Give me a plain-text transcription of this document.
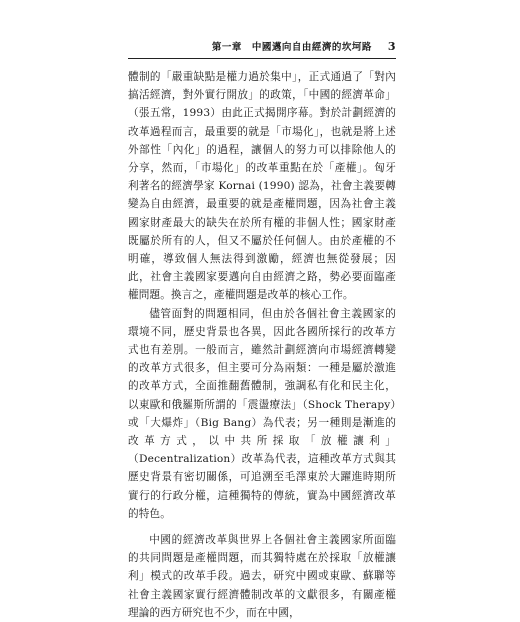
第一章　中國邁向自由經濟的坎坷路 3

體制的「嚴重缺點是權力過於集中」，正式通過了「對內搞活經濟，對外實行開放」的政策，「中國的經濟革命」（張五常，1993）由此正式揭開序幕。對於計劃經濟的改革過程而言，最重要的就是「市場化」，也就是將上述外部性「內化」的過程，讓個人的努力可以排除他人的分享，然而，「市場化」的改革重點在於「產權」。匈牙利著名的經濟學家 Kornai (1990) 認為，社會主義要轉變為自由經濟，最重要的就是產權問題，因為社會主義國家財產最大的缺失在於所有權的非個人性；國家財產既屬於所有的人，但又不屬於任何個人。由於產權的不明確，導致個人無法得到激勵，經濟也無從發展；因此，社會主義國家要邁向自由經濟之路，勢必要面臨產權問題。換言之，產權問題是改革的核心工作。

儘管面對的問題相同，但由於各個社會主義國家的環境不同，歷史背景也各異，因此各國所採行的改革方式也有差別。一般而言，雖然計劃經濟向市場經濟轉變的改革方式很多，但主要可分為兩類：一種是屬於激進的改革方式，全面推翻舊體制，強調私有化和民主化，以東歐和俄羅斯所謂的「震盪療法」（Shock Therapy）或「大爆炸」（Big Bang）為代表；另一種則是漸進的改革方式，以中共所採取「放權讓利」（Decentralization）改革為代表，這種改革方式與其歷史背景有密切關係，可追溯至毛澤東於大躍進時期所實行的行政分權，這種獨特的傳統，實為中國經濟改革的特色。

中國的經濟改革與世界上各個社會主義國家所面臨的共同問題是產權問題，而其獨特處在於採取「放權讓利」模式的改革手段。過去，研究中國或東歐、蘇聯等社會主義國家實行經濟體制改革的文獻很多，有關產權理論的西方研究也不少，而在中國，
